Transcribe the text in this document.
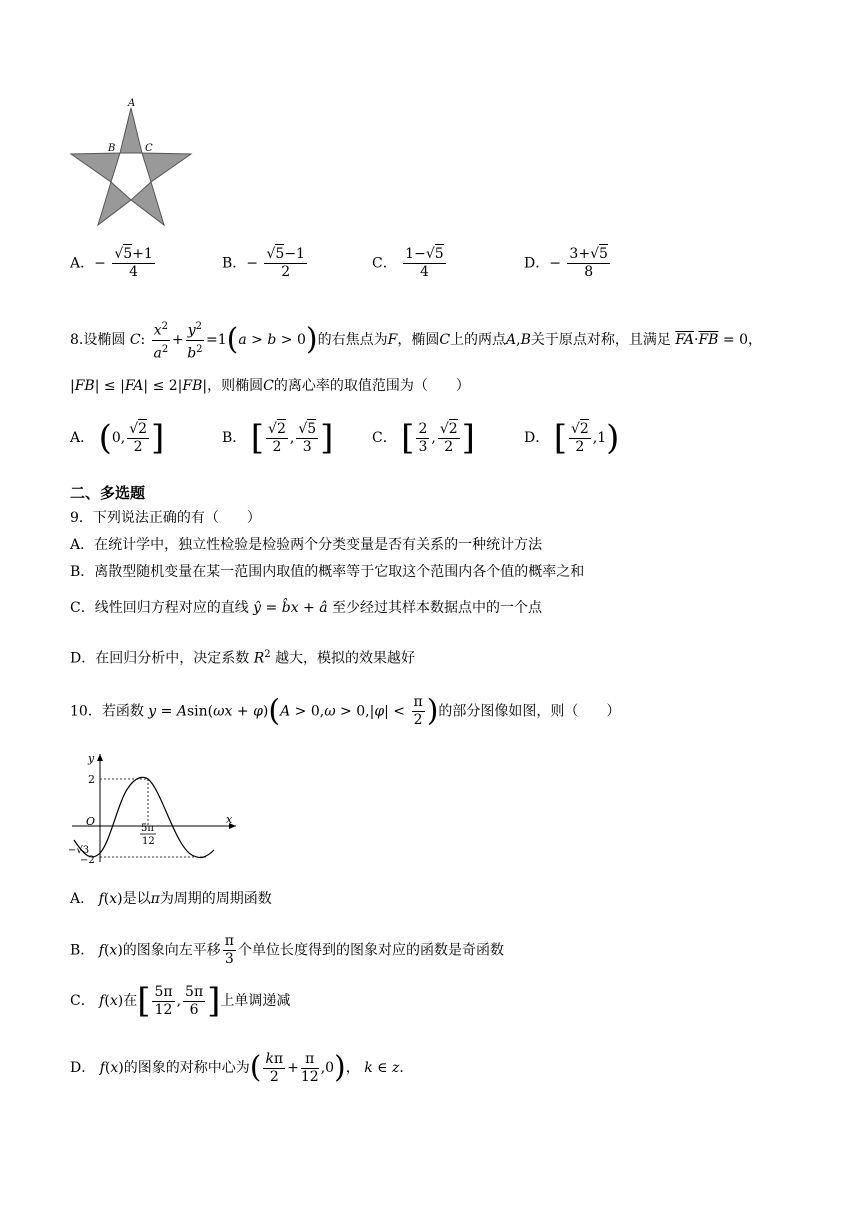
A
B	C
A．− $\frac{√5+1}{4}$	B．− $\frac{√5-1}{2}$	C． $\frac{1-√5}{4}$	D．− $\frac{3+√5}{8}$
8.设椭圆 C: $\frac{x^2}{a^2} + \frac{y^2}{b^2} =1(a > b > 0)$的右焦点为F，椭圆C上的两点A,B关于原点对称，且满足 $\overline{FA}\cdot\overline{FB} = 0$，
|FB| ≤ |FA| ≤ 2|FB|，则椭圆C的离心率的取值范围为（　　）
A． (0, $\frac{√2}{2}$ ]	B． [ $\frac{√2}{2}$ , $\frac{√5}{3}$ ]	C． [ $\frac{2}{3}$ , $\frac{√2}{2}$ ]	D． [ $\frac{√2}{2} ,1$)
二、多选题
9．下列说法正确的有（　　）
A．在统计学中，独立性检验是检验两个分类变量是否有关系的一种统计方法
B．离散型随机变量在某一范围内取值的概率等于它取这个范围内各个值的概率之和
C．线性回归方程对应的直线 ŷ = b̂x + â 至少经过其样本数据点中的一个点
D．在回归分析中，决定系数 $R^2$ 越大，模拟的效果越好
10．若函数 $y = Asin(\omega x + \varphi)(A > 0,\omega > 0,|\varphi| < \frac{\pi}{2}$ )的部分图像如图，则（　　）
y
x
O
2
−√3
−2
5π
12
A． f(x)是以π为周期的周期函数
B． f(x)的图象向左平移 $\frac{\pi}{3}$ 个单位长度得到的图象对应的函数是奇函数
C． f(x)在[ $\frac{5\pi}{12}$ , $\frac{5\pi}{6}$ ]上单调递减
D． f(x)的图象的对称中心为( $\frac{k\pi}{2} + \frac{\pi}{12} ,0$)， k ∈ z．
